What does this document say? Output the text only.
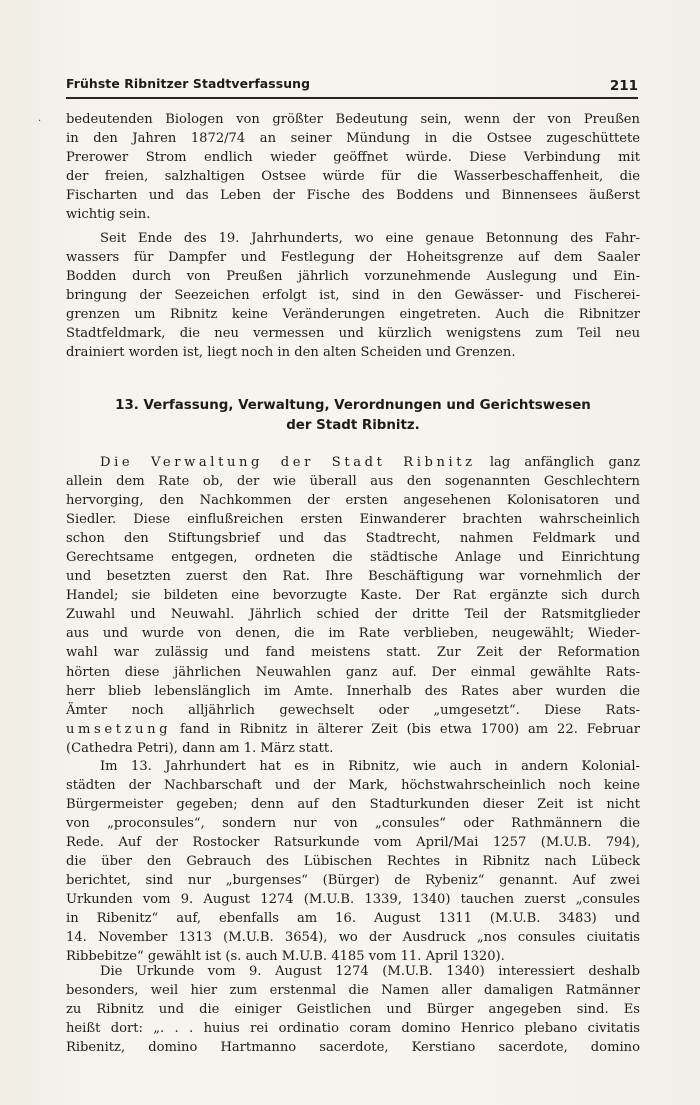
Frühste Ribnitzer Stadtverfassung	211
· bedeutenden Biologen von größter Bedeutung sein, wenn der von Preußen
in den Jahren 1872/74 an seiner Mündung in die Ostsee zugeschüttete
Prerower Strom endlich wieder geöffnet würde. Diese Verbindung mit
der freien, salzhaltigen Ostsee würde für die Wasserbeschaffenheit, die
Fischarten und das Leben der Fische des Boddens und Binnensees äußerst
wichtig sein.
Seit Ende des 19. Jahrhunderts, wo eine genaue Betonnung des Fahr-
wassers für Dampfer und Festlegung der Hoheitsgrenze auf dem Saaler
Bodden durch von Preußen jährlich vorzunehmende Auslegung und Ein-
bringung der Seezeichen erfolgt ist, sind in den Gewässer- und Fischerei-
grenzen um Ribnitz keine Veränderungen eingetreten. Auch die Ribnitzer
Stadtfeldmark, die neu vermessen und kürzlich wenigstens zum Teil neu
drainiert worden ist, liegt noch in den alten Scheiden und Grenzen.
13. Verfassung, Verwaltung, Verordnungen und Gerichtswesen
der Stadt Ribnitz.
Die Verwaltung der Stadt Ribnitz lag anfänglich ganz
allein dem Rate ob, der wie überall aus den sogenannten Geschlechtern
hervorging, den Nachkommen der ersten angesehenen Kolonisatoren und
Siedler. Diese einflußreichen ersten Einwanderer brachten wahrscheinlich
schon den Stiftungsbrief und das Stadtrecht, nahmen Feldmark und
Gerechtsame entgegen, ordneten die städtische Anlage und Einrichtung
und besetzten zuerst den Rat. Ihre Beschäftigung war vornehmlich der
Handel; sie bildeten eine bevorzugte Kaste. Der Rat ergänzte sich durch
Zuwahl und Neuwahl. Jährlich schied der dritte Teil der Ratsmitglieder
aus und wurde von denen, die im Rate verblieben, neugewählt; Wieder-
wahl war zulässig und fand meistens statt. Zur Zeit der Reformation
hörten diese jährlichen Neuwahlen ganz auf. Der einmal gewählte Rats-
herr blieb lebenslänglich im Amte. Innerhalb des Rates aber wurden die
Ämter noch alljährlich gewechselt oder „umgesetzt“. Diese Rats-
umsetzung fand in Ribnitz in älterer Zeit (bis etwa 1700) am 22. Februar
(Cathedra Petri), dann am 1. März statt.
Im 13. Jahrhundert hat es in Ribnitz, wie auch in andern Kolonial-
städten der Nachbarschaft und der Mark, höchstwahrscheinlich noch keine
Bürgermeister gegeben; denn auf den Stadturkunden dieser Zeit ist nicht
von „proconsules“, sondern nur von „consules“ oder Rathmännern die
Rede. Auf der Rostocker Ratsurkunde vom April/Mai 1257 (M.U.B. 794),
die über den Gebrauch des Lübischen Rechtes in Ribnitz nach Lübeck
berichtet, sind nur „burgenses“ (Bürger) de Rybeniz“ genannt. Auf zwei
Urkunden vom 9. August 1274 (M.U.B. 1339, 1340) tauchen zuerst „consules
in Ribenitz“ auf, ebenfalls am 16. August 1311 (M.U.B. 3483) und
14. November 1313 (M.U.B. 3654), wo der Ausdruck „nos consules ciuitatis
Ribbebitze“ gewählt ist (s. auch M.U.B. 4185 vom 11. April 1320).
Die Urkunde vom 9. August 1274 (M.U.B. 1340) interessiert deshalb
besonders, weil hier zum erstenmal die Namen aller damaligen Ratmänner
zu Ribnitz und die einiger Geistlichen und Bürger angegeben sind. Es
heißt dort: „. . . huius rei ordinatio coram domino Henrico plebano civitatis
Ribenitz, domino Hartmanno sacerdote, Kerstiano sacerdote, domino
